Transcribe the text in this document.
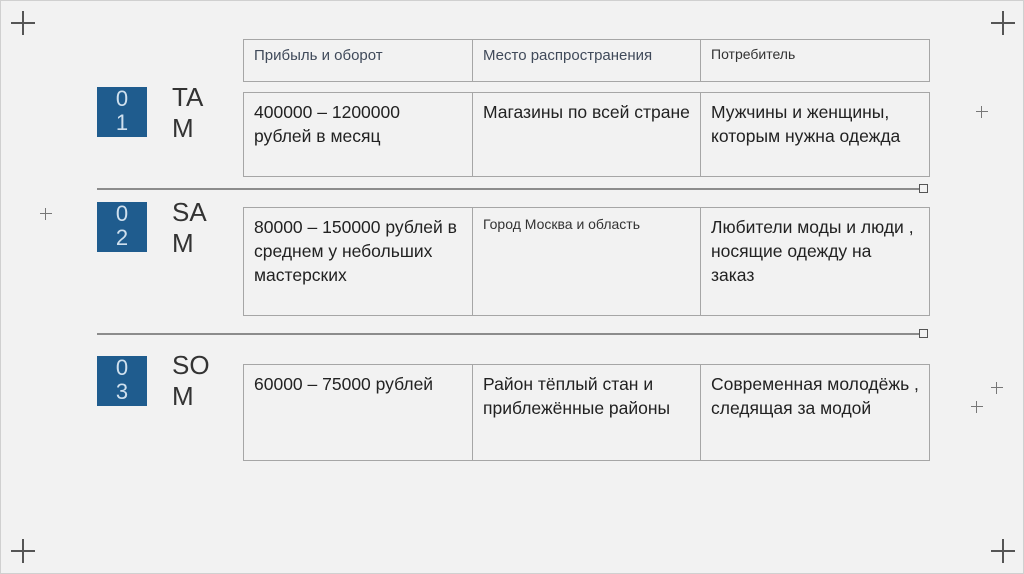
Прибыль и оборот	Место распространения	Потребитель
0
1
TAM
400000 – 1200000 рублей в месяц	Магазины по всей стране	Мужчины и женщины, которым нужна одежда
0
2
SAM
80000 – 150000 рублей в среднем у небольших мастерских	Город Москва и область	Любители моды и люди , носящие одежду на заказ
0
3
SOM	60000 – 75000 рублей	Район тёплый стан и приблежённые районы	Современная молодёжь , следящая за модой
